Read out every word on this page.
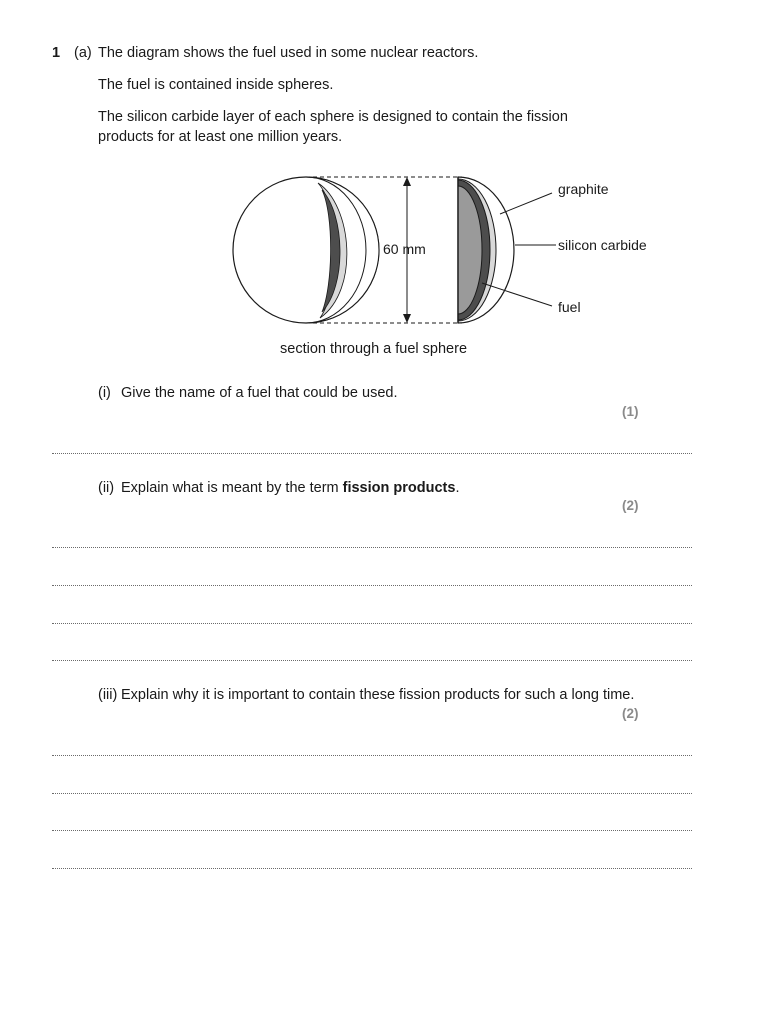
1 (a) The diagram shows the fuel used in some nuclear reactors.
The fuel is contained inside spheres.
The silicon carbide layer of each sphere is designed to contain the fission
products for at least one million years.
60 mm
graphite
silicon carbide
fuel
section through a fuel sphere
(i) Give the name of a fuel that could be used.
(1)
(ii) Explain what is meant by the term fission products.
(2)
(iii) Explain why it is important to contain these fission products for such a long time.
(2)
